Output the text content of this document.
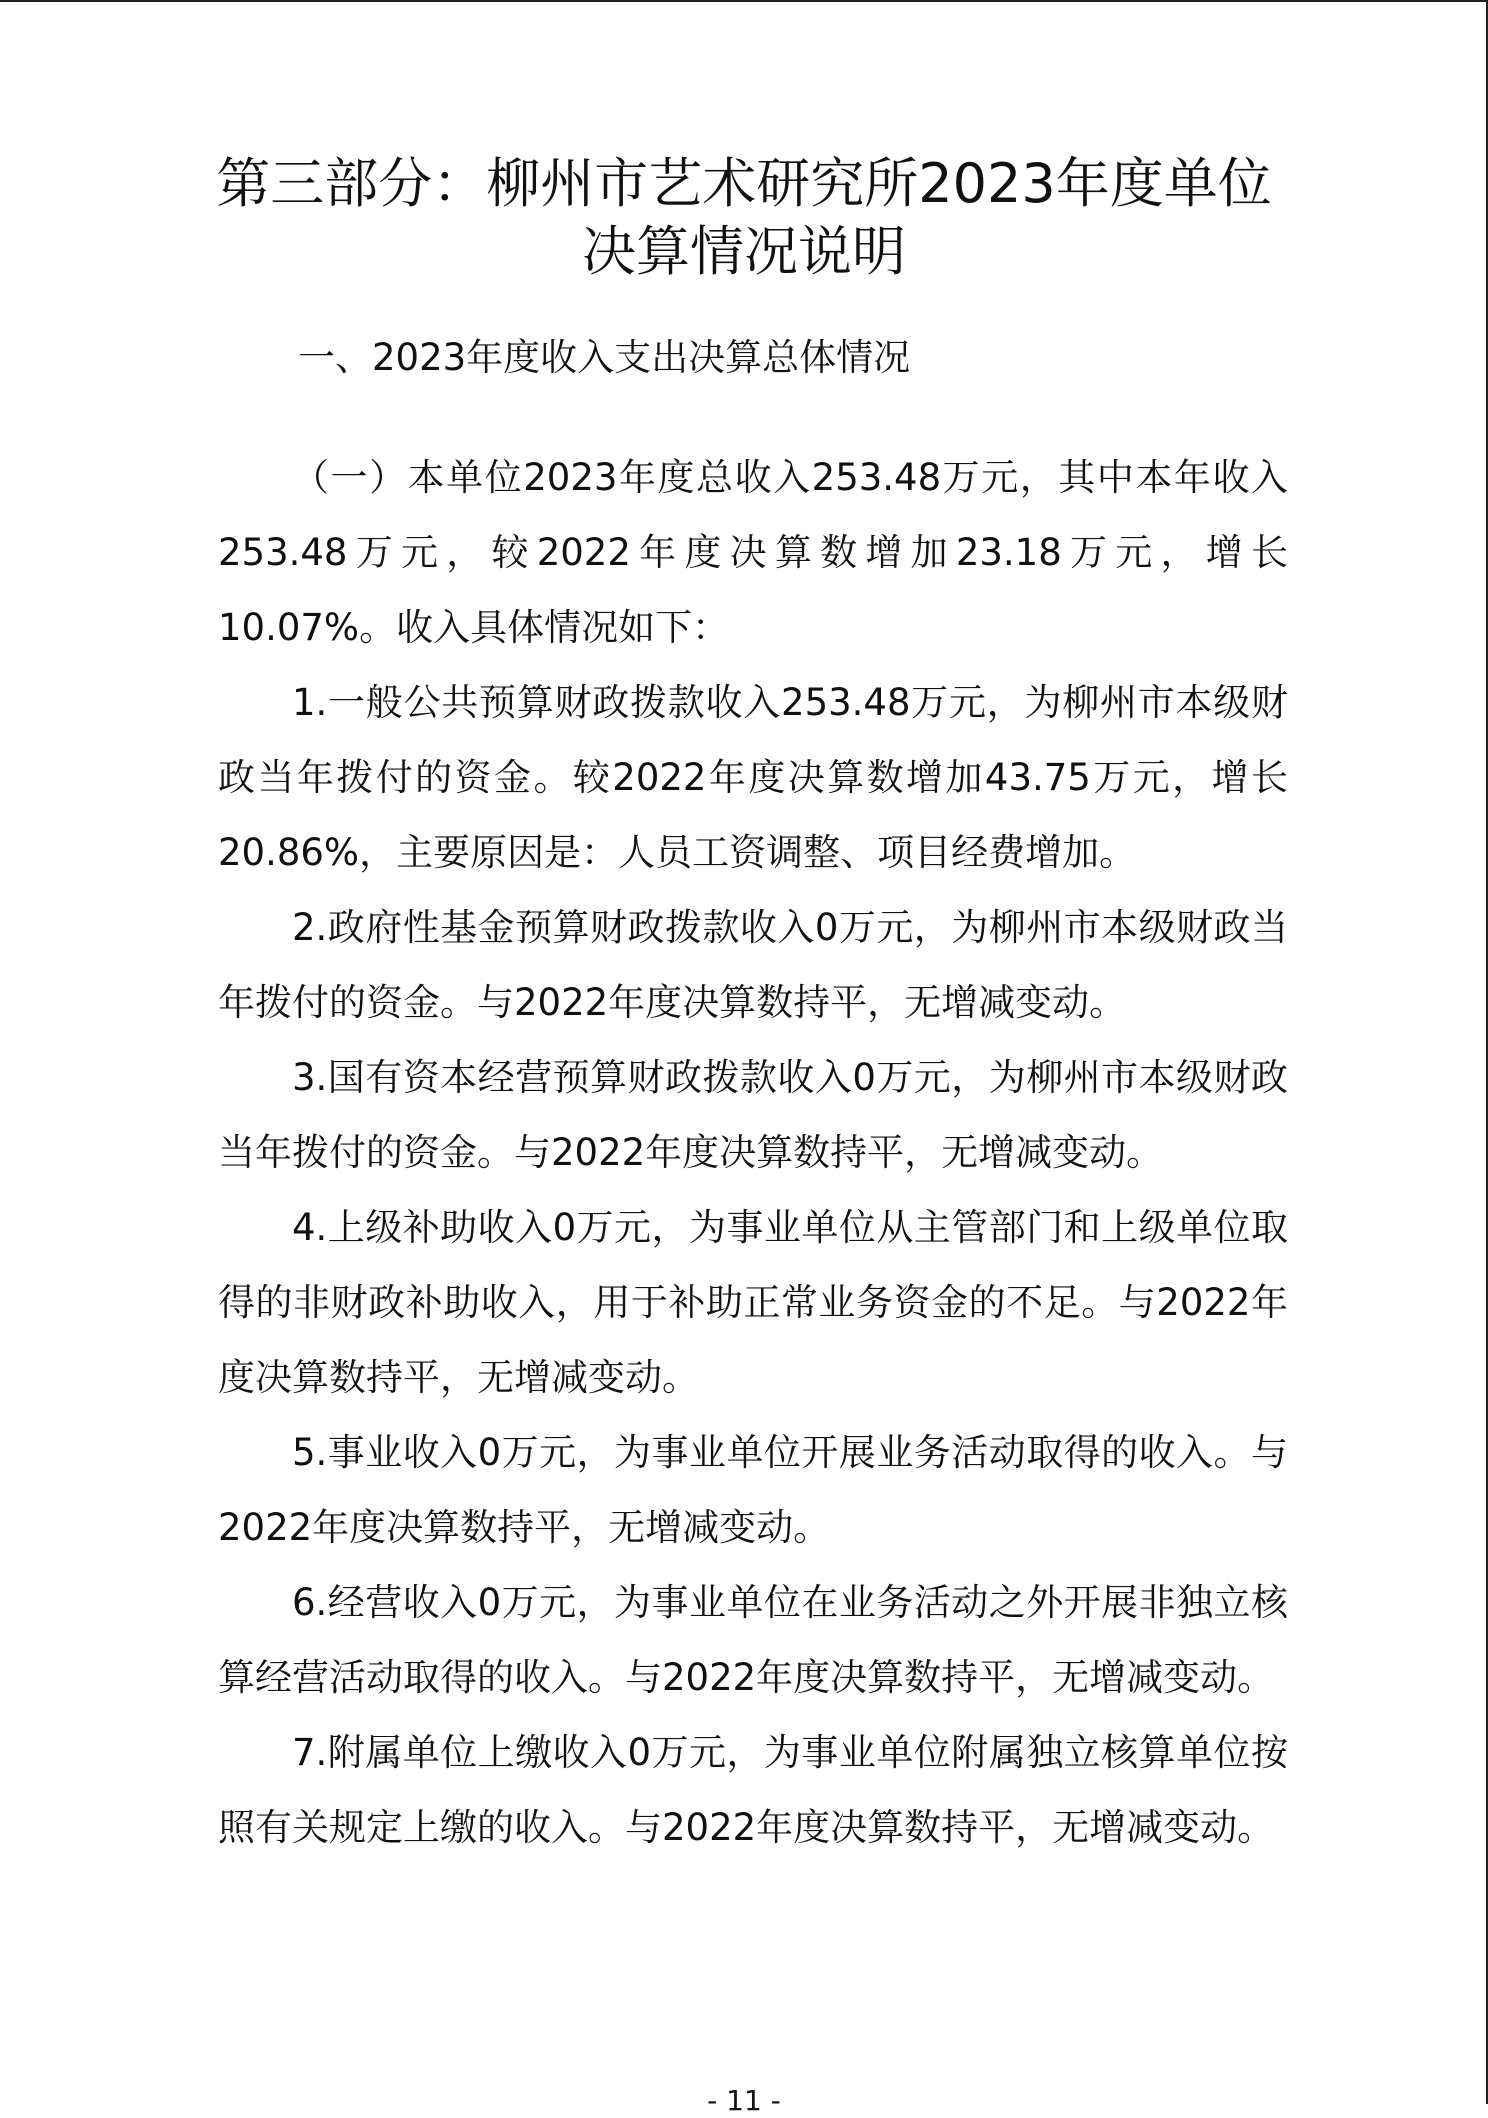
第三部分：柳州市艺术研究所2023年度单位
决算情况说明
一、2023年度收入支出决算总体情况

（一）本单位2023年度总收入253.48万元，其中本年收入253.48万元，较2022年度决算数增加23.18万元，增长10.07%。收入具体情况如下：

1.一般公共预算财政拨款收入253.48万元，为柳州市本级财政当年拨付的资金。较2022年度决算数增加43.75万元，增长20.86%，主要原因是：人员工资调整、项目经费增加。

2.政府性基金预算财政拨款收入0万元，为柳州市本级财政当年拨付的资金。与2022年度决算数持平，无增减变动。

3.国有资本经营预算财政拨款收入0万元，为柳州市本级财政当年拨付的资金。与2022年度决算数持平，无增减变动。

4.上级补助收入0万元，为事业单位从主管部门和上级单位取得的非财政补助收入，用于补助正常业务资金的不足。与2022年度决算数持平，无增减变动。

5.事业收入0万元，为事业单位开展业务活动取得的收入。与2022年度决算数持平，无增减变动。

6.经营收入0万元，为事业单位在业务活动之外开展非独立核算经营活动取得的收入。与2022年度决算数持平，无增减变动。

7.附属单位上缴收入0万元，为事业单位附属独立核算单位按照有关规定上缴的收入。与2022年度决算数持平，无增减变动。

- 11 -
